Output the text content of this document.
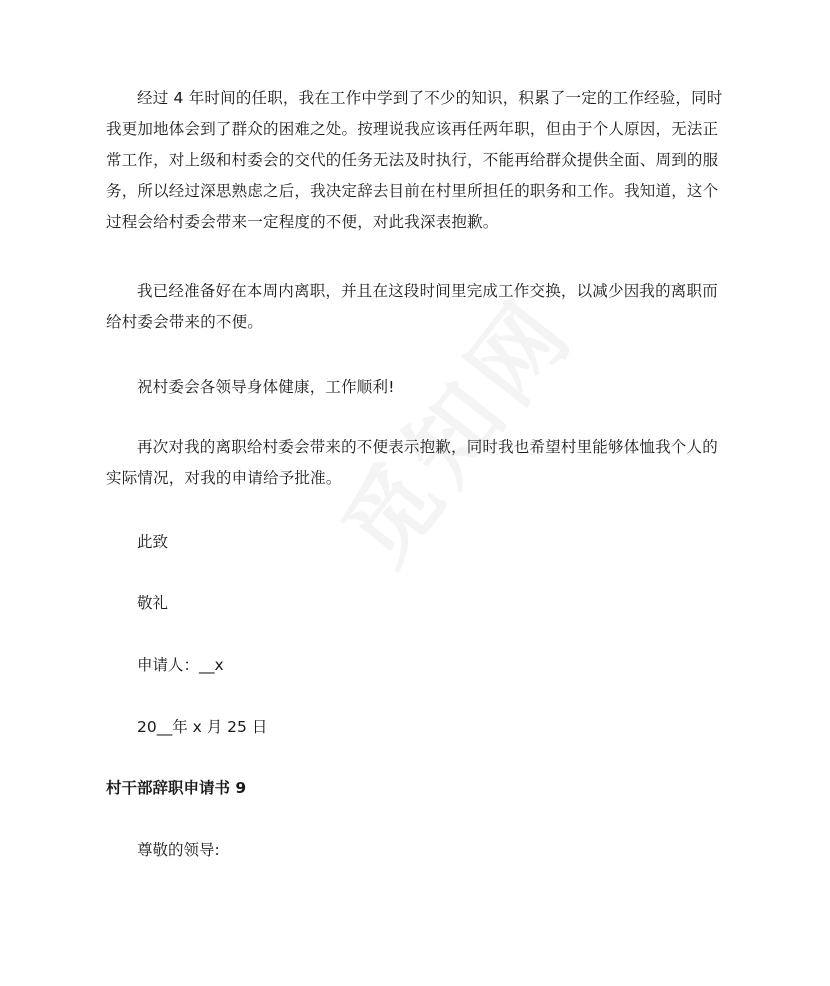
经过 4 年时间的任职，我在工作中学到了不少的知识，积累了一定的工作经验，同时我更加地体会到了群众的困难之处。按理说我应该再任两年职，但由于个人原因，无法正常工作，对上级和村委会的交代的任务无法及时执行，不能再给群众提供全面、周到的服务，所以经过深思熟虑之后，我决定辞去目前在村里所担任的职务和工作。我知道，这个过程会给村委会带来一定程度的不便，对此我深表抱歉。

我已经准备好在本周内离职，并且在这段时间里完成工作交换，以减少因我的离职而给村委会带来的不便。

祝村委会各领导身体健康，工作顺利!

再次对我的离职给村委会带来的不便表示抱歉，同时我也希望村里能够体恤我个人的实际情况，对我的申请给予批准。

此致

敬礼

申请人：__x

20__年 x 月 25 日

村干部辞职申请书 9

尊敬的领导:
